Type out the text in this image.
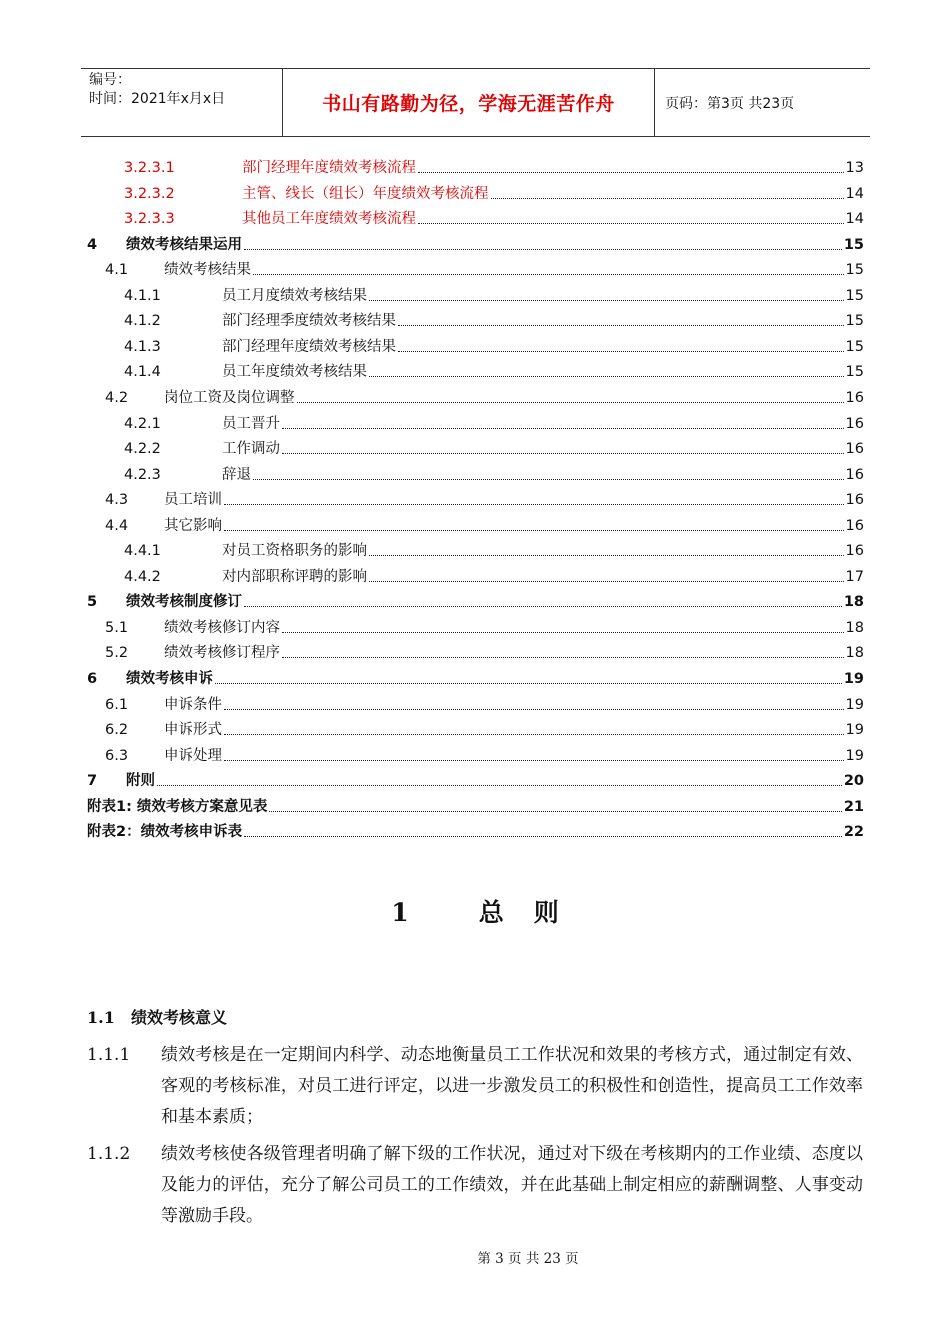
编号：
时间：2021年x月x日	书山有路勤为径，学海无涯苦作舟	页码：第3页 共23页
3.2.3.1	部门经理年度绩效考核流程	13
3.2.3.2	主管、线长（组长）年度绩效考核流程	14
3.2.3.3	其他员工年度绩效考核流程	14
4	绩效考核结果运用	15
4.1	绩效考核结果	15
4.1.1	员工月度绩效考核结果	15
4.1.2	部门经理季度绩效考核结果	15
4.1.3	部门经理年度绩效考核结果	15
4.1.4	员工年度绩效考核结果	15
4.2	岗位工资及岗位调整	16
4.2.1	员工晋升	16
4.2.2	工作调动	16
4.2.3	辞退	16
4.3	员工培训	16
4.4	其它影响	16
4.4.1	对员工资格职务的影响	16
4.4.2	对内部职称评聘的影响	17
5	绩效考核制度修订	18
5.1	绩效考核修订内容	18
5.2	绩效考核修订程序	18
6	绩效考核申诉	19
6.1	申诉条件	19
6.2	申诉形式	19
6.3	申诉处理	19
7	附则	20
附表1: 绩效考核方案意见表	21
附表2：绩效考核申诉表	22
1	总 则
1.1 绩效考核意义
1.1.1	绩效考核是在一定期间内科学、动态地衡量员工工作状况和效果的考核方式，通过制定有效、客观的考核标准，对员工进行评定，以进一步激发员工的积极性和创造性，提高员工工作效率和基本素质；
1.1.2	绩效考核使各级管理者明确了解下级的工作状况，通过对下级在考核期内的工作业绩、态度以及能力的评估，充分了解公司员工的工作绩效，并在此基础上制定相应的薪酬调整、人事变动等激励手段。
第 3 页 共 23 页
